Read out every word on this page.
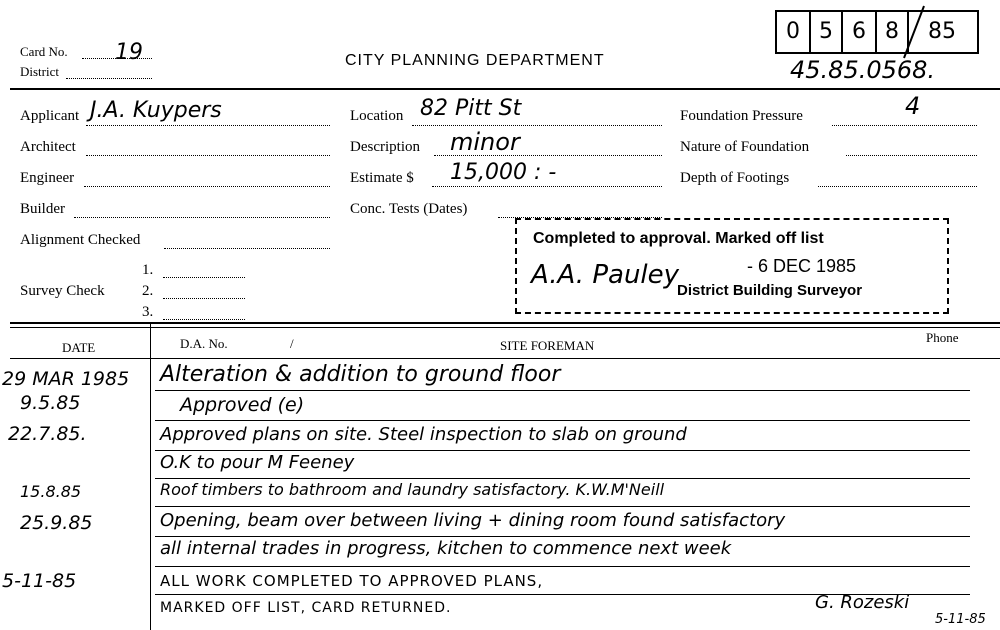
Card No. 19
District
CITY PLANNING DEPARTMENT
0 5 6 8	85
45.85.0568.
Applicant J.A. Kuypers
Architect
Engineer
Builder
Alignment Checked
1.
Survey Check 2.
3.
Location 82 Pitt St
Description minor
Estimate $ 15,000 : -
Conc. Tests (Dates)
Foundation Pressure	4
Nature of Foundation
Depth of Footings
Completed to approval. Marked off list
- 6 DEC 1985
A.A. Pauley
District Building Surveyor
DATE	D.A. No.	/	SITE FOREMAN
Phone
29 MAR 1985	Alteration & addition to ground floor
9.5.85	Approved (e)
22.7.85.	Approved plans on site. Steel inspection to slab on ground
O.K to pour M Feeney
15.8.85	Roof timbers to bathroom and laundry satisfactory. K.W.M'Neill
25.9.85	Opening, beam over between living + dining room found satisfactory
all internal trades in progress, kitchen to commence next week
5-11-85	ALL WORK COMPLETED TO APPROVED PLANS,
MARKED OFF LIST, CARD RETURNED.	G. Rozeski
5-11-85
